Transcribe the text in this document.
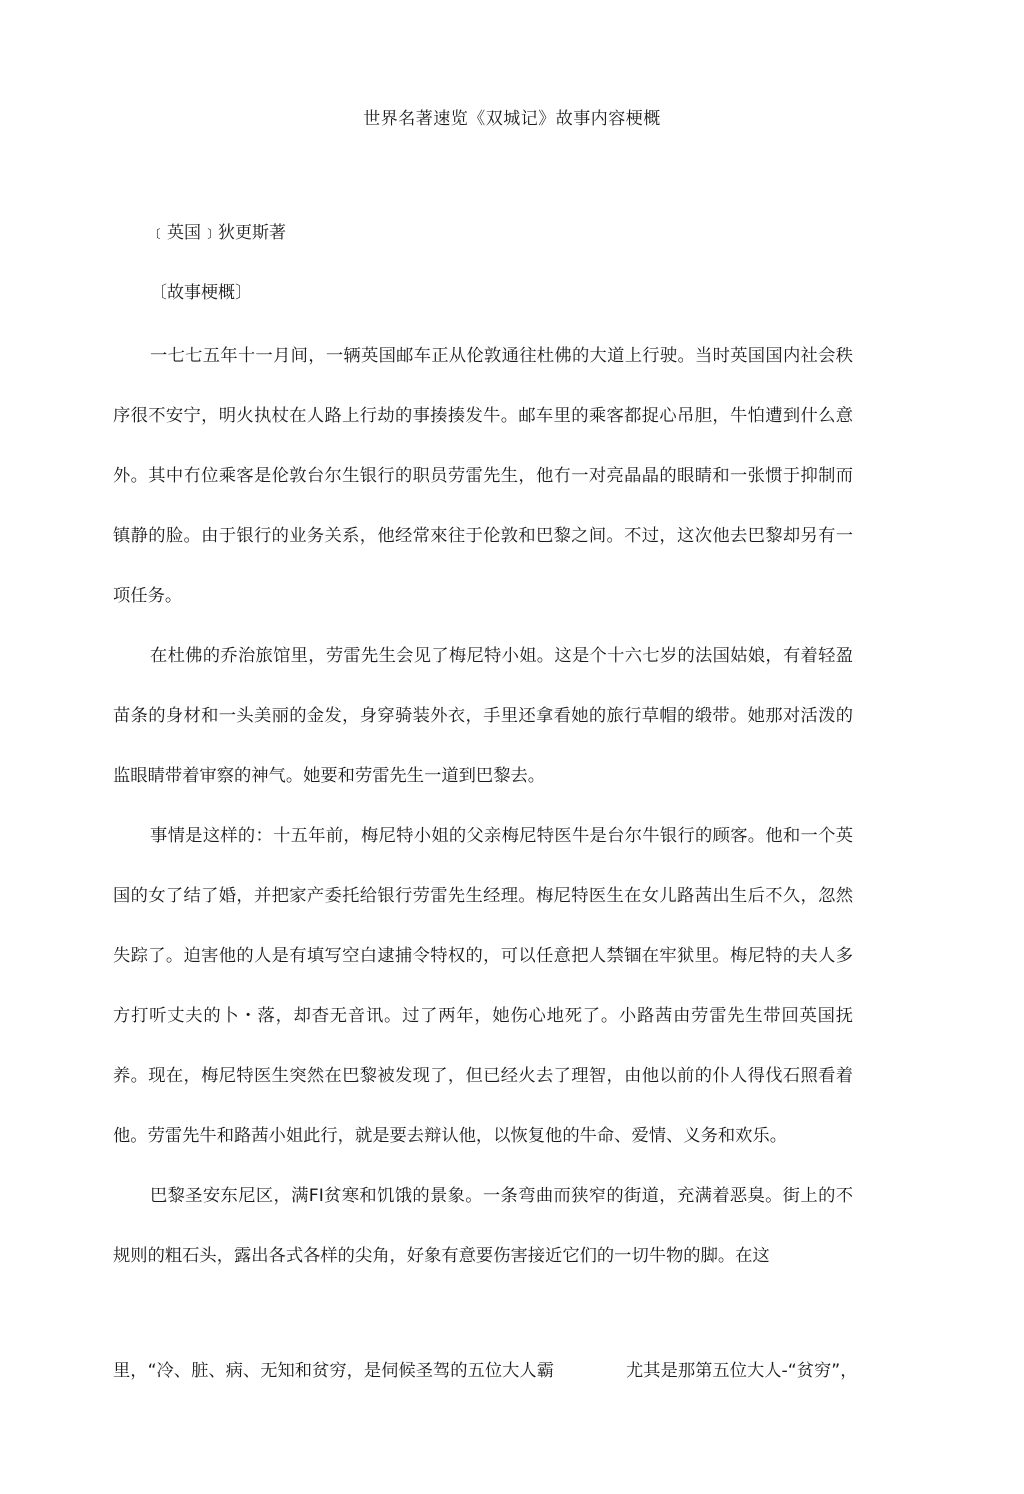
世界名著速览《双城记》故事内容梗概
﹝英国﹞狄更斯著
〔故事梗概〕

一七七五年十一月间，一辆英国邮车正从伦敦通往杜佛的大道上行驶。当时英国国内社会秩序很不安宁，明火执杖在人路上行劫的事揍揍发牛。邮车里的乘客都捉心吊胆，牛怕遭到什么意外。其中冇位乘客是伦敦台尔生银行的职员劳雷先生，他冇一对亮晶晶的眼睛和一张惯于抑制而镇静的脸。由于银行的业务关系，他经常來往于伦敦和巴黎之间。不过，这次他去巴黎却另有一项任务。

在杜佛的乔治旅馆里，劳雷先生会见了梅尼特小姐。这是个十六七岁的法国姑娘，有着轻盈苗条的身材和一头美丽的金发，身穿骑装外衣，手里还拿看她的旅行草帽的缎带。她那对活泼的监眼睛带着审察的神气。她要和劳雷先生一道到巴黎去。

事情是这样的：十五年前，梅尼特小姐的父亲梅尼特医牛是台尔牛银行的顾客。他和一个英国的女了结了婚，并把家产委托给银行劳雷先生经理。梅尼特医生在女儿路茜出生后不久，忽然失踪了。迫害他的人是有填写空白逮捕令特权的，可以任意把人禁锢在牢狱里。梅尼特的夫人多方打听丈夫的卜・落，却杳无音讯。过了两年，她伤心地死了。小路茜由劳雷先生带回英国抚养。现在，梅尼特医生突然在巴黎被发现了，但已经火去了理智，由他以前的仆人得伐石照看着他。劳雷先牛和路茜小姐此行，就是要去辩认他，以恢复他的牛命、爱情、义务和欢乐。

巴黎圣安东尼区，满FI贫寒和饥饿的景象。一条弯曲而狭窄的街道，充满着恶臭。街上的不规则的粗石头，露出各式各样的尖角，好象有意要伤害接近它们的一切牛物的脚。在这

里，“冷、脏、病、无知和贫穷，是伺候圣驾的五位大人霸	尤其是那第五位大人-“贫穷”，
